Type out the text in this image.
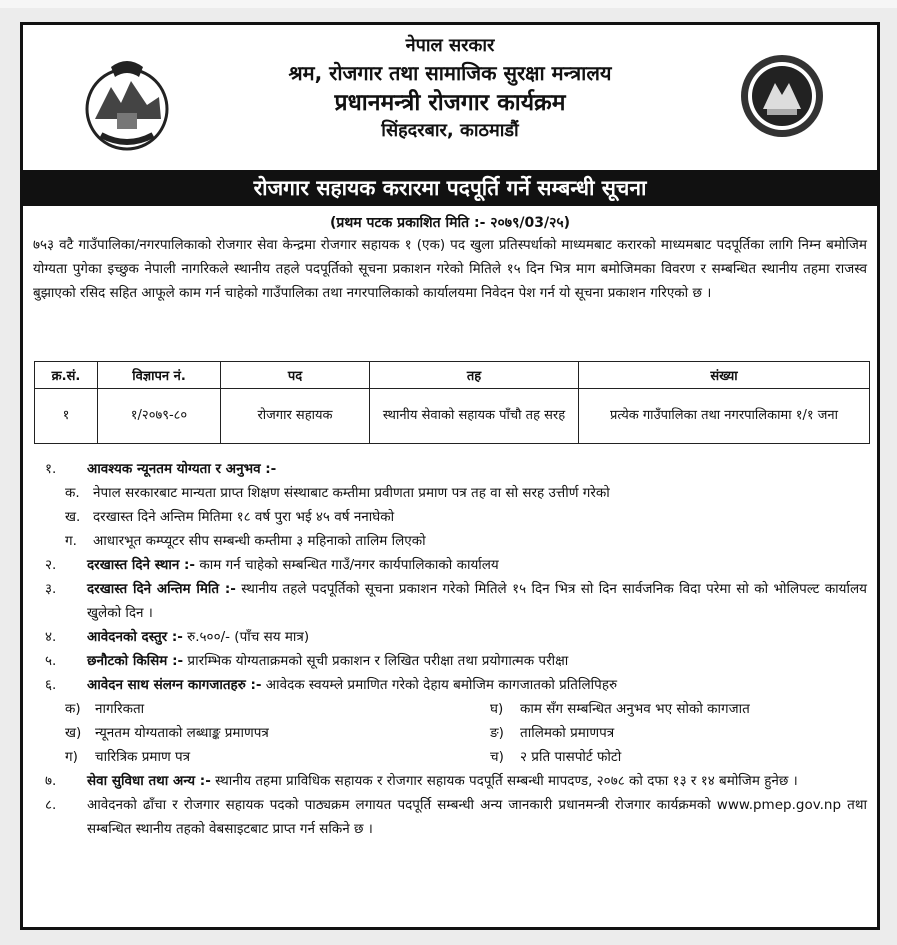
नेपाल सरकार
श्रम, रोजगार तथा सामाजिक सुरक्षा मन्त्रालय
प्रधानमन्त्री रोजगार कार्यक्रम
सिंहदरबार, काठमाडौं
रोजगार सहायक करारमा पदपूर्ति गर्ने सम्बन्धी सूचना
(प्रथम पटक प्रकाशित मिति :- २०७९/03/२५)
७५३ वटै गाउँपालिका/नगरपालिकाको रोजगार सेवा केन्द्रमा रोजगार सहायक १ (एक) पद खुला प्रतिस्पर्धाको माध्यमबाट करारको माध्यमबाट पदपूर्तिका लागि निम्न बमोजिम योग्यता पुगेका इच्छुक नेपाली नागरिकले स्थानीय तहले पदपूर्तिको सूचना प्रकाशन गरेको मितिले १५ दिन भित्र माग बमोजिमका विवरण र सम्बन्धित स्थानीय तहमा राजस्व बुझाएको रसिद सहित आफूले काम गर्न चाहेको गाउँपालिका तथा नगरपालिकाको कार्यालयमा निवेदन पेश गर्न यो सूचना प्रकाशन गरिएको छ ।
क्र.सं.	विज्ञापन नं.	पद	तह	संख्या
१	१/२०७९-८०	रोजगार सहायक	स्थानीय सेवाको सहायक पाँचौ तह सरह	प्रत्येक गाउँपालिका तथा नगरपालिकामा १/१ जना
१.	आवश्यक न्यूनतम योग्यता र अनुभव :-
क. नेपाल सरकारबाट मान्यता प्राप्त शिक्षण संस्थाबाट कम्तीमा प्रवीणता प्रमाण पत्र तह वा सो सरह उत्तीर्ण गरेको
ख. दरखास्त दिने अन्तिम मितिमा १८ वर्ष पुरा भई ४५ वर्ष ननाघेको
ग.	आधारभूत कम्प्यूटर सीप सम्बन्धी कम्तीमा ३ महिनाको तालिम लिएको
२.	दरखास्त दिने स्थान :- काम गर्न चाहेको सम्बन्धित गाउँ/नगर कार्यपालिकाको कार्यालय
३.	दरखास्त दिने अन्तिम मिति :- स्थानीय तहले पदपूर्तिको सूचना प्रकाशन गरेको मितिले १५ दिन भित्र सो दिन सार्वजनिक विदा परेमा सो को भोलिपल्ट कार्यालय खुलेको दिन ।
४.	आवेदनको दस्तुर :- रु.५००/- (पाँच सय मात्र)
५.	छनौटको किसिम :- प्रारम्भिक योग्यताक्रमको सूची प्रकाशन र लिखित परीक्षा तथा प्रयोगात्मक परीक्षा
६.	आवेदन साथ संलग्न कागजातहरु :- आवेदक स्वयम्ले प्रमाणित गरेको देहाय बमोजिम कागजातको प्रतिलिपिहरु
क)	नागरिकता	घ)	काम सँग सम्बन्धित अनुभव भए सोको कागजात
ख)	न्यूनतम योग्यताको लब्धाङ्क प्रमाणपत्र	ङ)	तालिमको प्रमाणपत्र
ग)	चारित्रिक प्रमाण पत्र	च)	२ प्रति पासपोर्ट फोटो
७.	सेवा सुविधा तथा अन्य :- स्थानीय तहमा प्राविधिक सहायक र रोजगार सहायक पदपूर्ति सम्बन्धी मापदण्ड, २०७८ को दफा १३ र १४ बमोजिम हुनेछ ।
८.	आवेदनको ढाँचा र रोजगार सहायक पदको पाठ्यक्रम लगायत पदपूर्ति सम्बन्धी अन्य जानकारी प्रधानमन्त्री रोजगार कार्यक्रमको www.pmep.gov.np तथा सम्बन्धित स्थानीय तहको वेबसाइटबाट प्राप्त गर्न सकिने छ ।
